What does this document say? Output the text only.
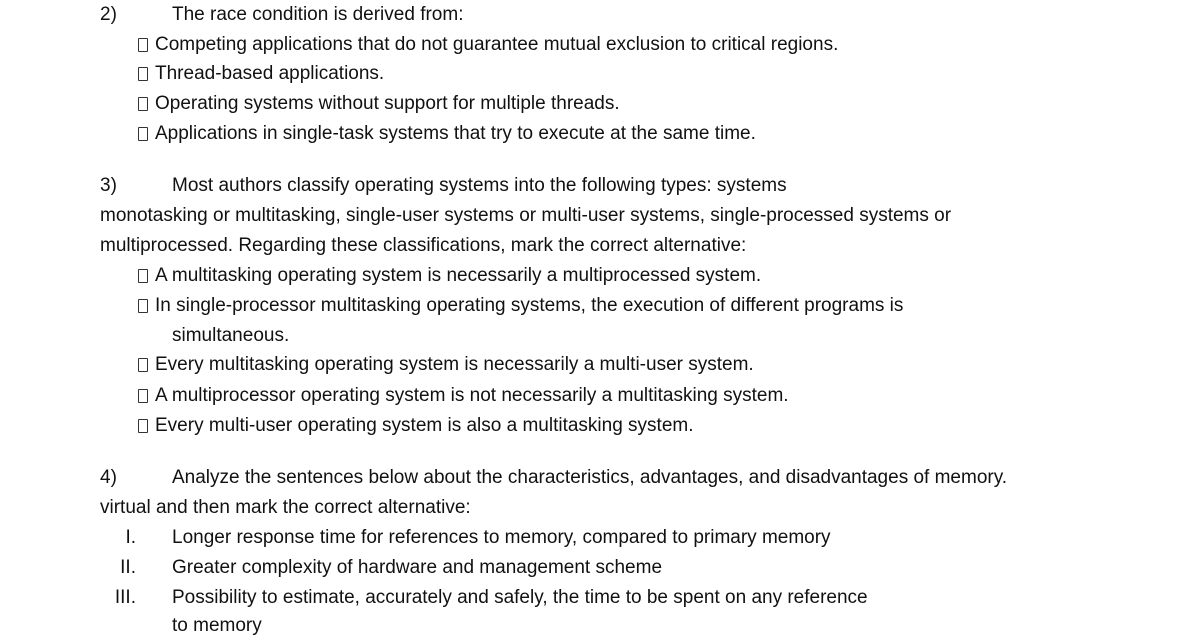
2)	The race condition is derived from:
Competing applications that do not guarantee mutual exclusion to critical regions.
Thread-based applications.
Operating systems without support for multiple threads.
Applications in single-task systems that try to execute at the same time.
3)	Most authors classify operating systems into the following types: systems
monotasking or multitasking, single-user systems or multi-user systems, single-processed systems or
multiprocessed. Regarding these classifications, mark the correct alternative:
A multitasking operating system is necessarily a multiprocessed system.
In single-processor multitasking operating systems, the execution of different programs is
simultaneous.
Every multitasking operating system is necessarily a multi-user system.
A multiprocessor operating system is not necessarily a multitasking system.
Every multi-user operating system is also a multitasking system.
4)	Analyze the sentences below about the characteristics, advantages, and disadvantages of memory.
virtual and then mark the correct alternative:
I. Longer response time for references to memory, compared to primary memory
II. Greater complexity of hardware and management scheme
III. Possibility to estimate, accurately and safely, the time to be spent on any reference
to memory
